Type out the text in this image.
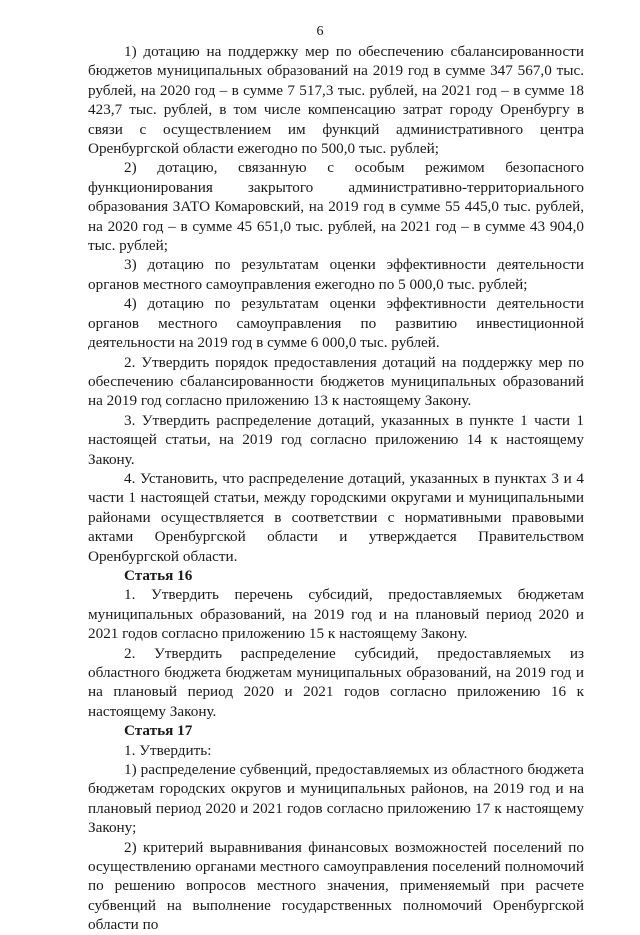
6

1) дотацию на поддержку мер по обеспечению сбалансированности бюджетов муниципальных образований на 2019 год в сумме 347 567,0 тыс. рублей, на 2020 год – в сумме 7 517,3 тыс. рублей, на 2021 год – в сумме 18 423,7 тыс. рублей, в том числе компенсацию затрат городу Оренбургу в связи с осуществлением им функций административного центра Оренбургской области ежегодно по 500,0 тыс. рублей;

2) дотацию, связанную с особым режимом безопасного функционирования закрытого административно-территориального образования ЗАТО Комаровский, на 2019 год в сумме 55 445,0 тыс. рублей, на 2020 год – в сумме 45 651,0 тыс. рублей, на 2021 год – в сумме 43 904,0 тыс. рублей;

3) дотацию по результатам оценки эффективности деятельности органов местного самоуправления ежегодно по 5 000,0 тыс. рублей;

4) дотацию по результатам оценки эффективности деятельности органов местного самоуправления по развитию инвестиционной деятельности на 2019 год в сумме 6 000,0 тыс. рублей.

2. Утвердить порядок предоставления дотаций на поддержку мер по обеспечению сбалансированности бюджетов муниципальных образований на 2019 год согласно приложению 13 к настоящему Закону.

3. Утвердить распределение дотаций, указанных в пункте 1 части 1 настоящей статьи, на 2019 год согласно приложению 14 к настоящему Закону.

4. Установить, что распределение дотаций, указанных в пунктах 3 и 4 части 1 настоящей статьи, между городскими округами и муниципальными районами осуществляется в соответствии с нормативными правовыми актами Оренбургской области и утверждается Правительством Оренбургской области.

Статья 16

1. Утвердить перечень субсидий, предоставляемых бюджетам муниципальных образований, на 2019 год и на плановый период 2020 и 2021 годов согласно приложению 15 к настоящему Закону.

2. Утвердить распределение субсидий, предоставляемых из областного бюджета бюджетам муниципальных образований, на 2019 год и на плановый период 2020 и 2021 годов согласно приложению 16 к настоящему Закону.

Статья 17

1. Утвердить:

1) распределение субвенций, предоставляемых из областного бюджета бюджетам городских округов и муниципальных районов, на 2019 год и на плановый период 2020 и 2021 годов согласно приложению 17 к настоящему Закону;

2) критерий выравнивания финансовых возможностей поселений по осуществлению органами местного самоуправления поселений полномочий по решению вопросов местного значения, применяемый при расчете субвенций на выполнение государственных полномочий Оренбургской области по
